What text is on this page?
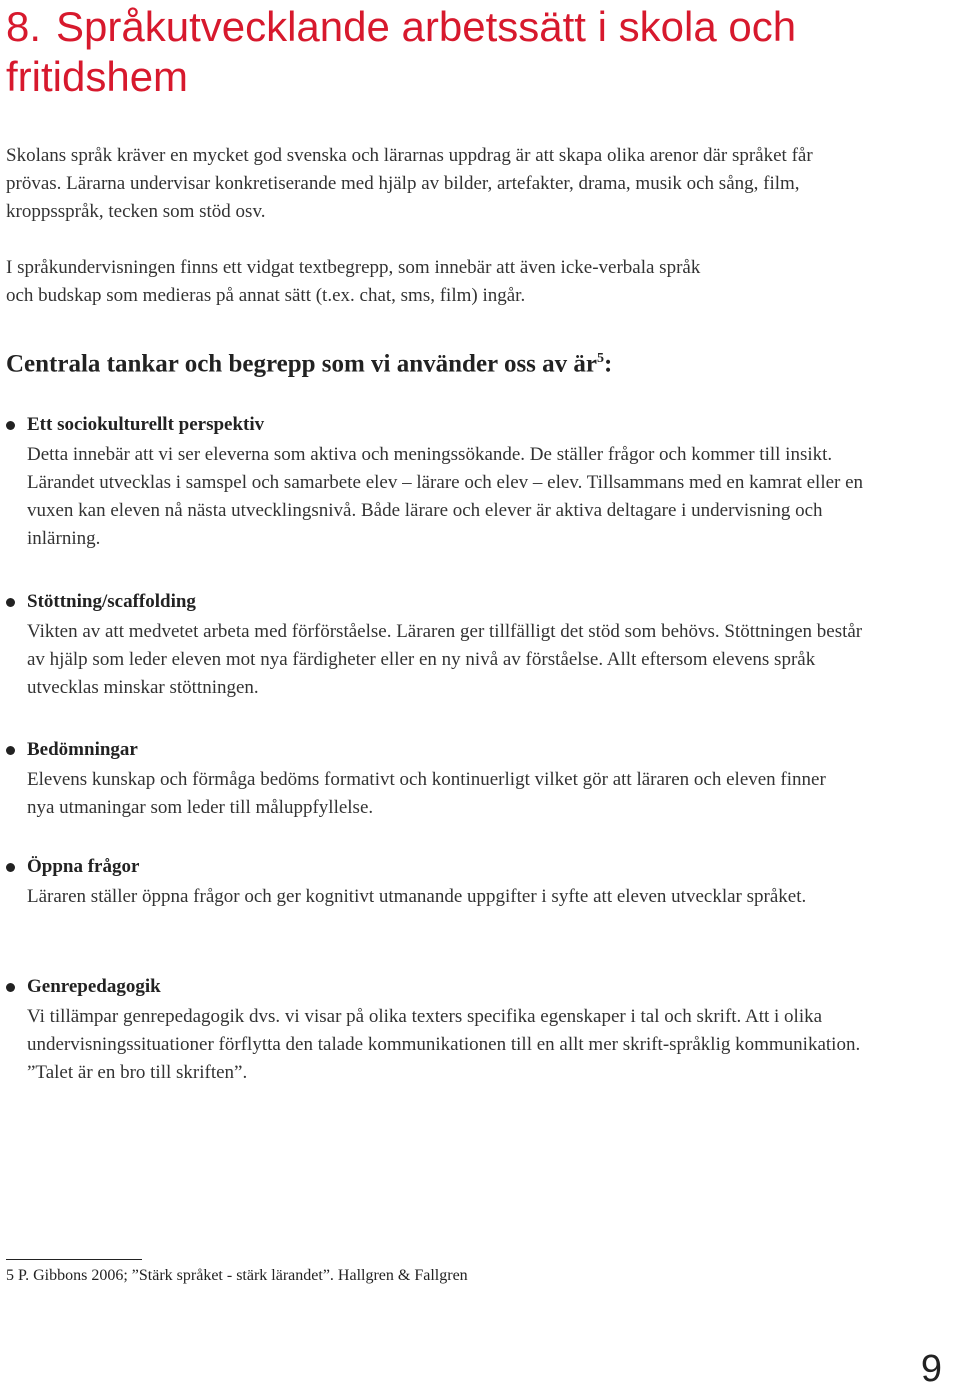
8. Språkutvecklande arbetssätt i skola och fritidshem

Skolans språk kräver en mycket god svenska och lärarnas uppdrag är att skapa olika arenor där språket får prövas. Lärarna undervisar konkretiserande med hjälp av bilder, artefakter, drama, musik och sång, film, kroppsspråk, tecken som stöd osv.

I språkundervisningen finns ett vidgat textbegrepp, som innebär att även icke-verbala språk och budskap som medieras på annat sätt (t.ex. chat, sms, film) ingår.

Centrala tankar och begrepp som vi använder oss av $är^5$:

Ett sociokulturellt perspektiv

Detta innebär att vi ser eleverna som aktiva och meningssökande. De ställer frågor och kommer till insikt. Lärandet utvecklas i samspel och samarbete elev – lärare och elev – elev. Tillsammans med en kamrat eller en vuxen kan eleven nå nästa utvecklingsnivå. Både lärare och elever är aktiva deltagare i undervisning och inlärning.

Stöttning/scaffolding

Vikten av att medvetet arbeta med förförståelse. Läraren ger tillfälligt det stöd som behövs. Stöttningen består av hjälp som leder eleven mot nya färdigheter eller en ny nivå av förståelse. Allt eftersom elevens språk utvecklas minskar stöttningen.

Bedömningar

Elevens kunskap och förmåga bedöms formativt och kontinuerligt vilket gör att läraren och eleven finner nya utmaningar som leder till måluppfyllelse.

Öppna frågor

Läraren ställer öppna frågor och ger kognitivt utmanande uppgifter i syfte att eleven utvecklar språket.

Genrepedagogik

Vi tillämpar genrepedagogik dvs. vi visar på olika texters specifika egenskaper i tal och skrift. Att i olika undervisningssituationer förflytta den talade kommunikationen till en allt mer skrift-språklig kommunikation. ”Talet är en bro till skriften”.

5 P. Gibbons 2006; ”Stärk språket - stärk lärandet”. Hallgren & Fallgren

9
